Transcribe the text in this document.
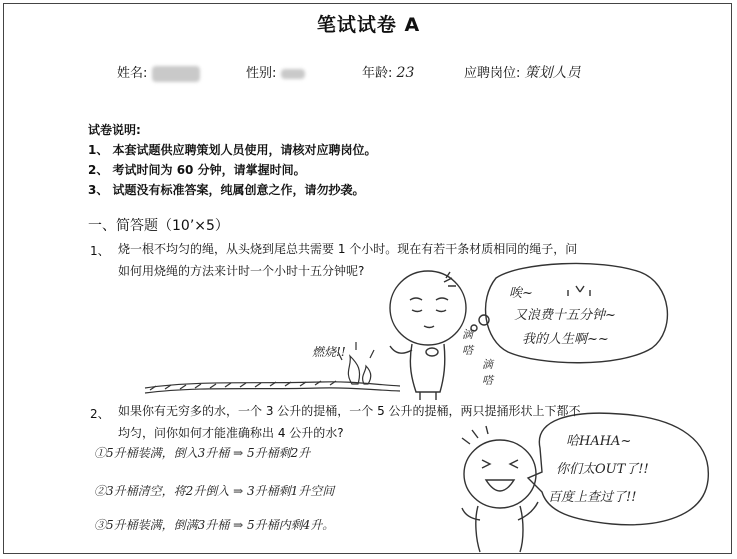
笔试试卷 A
姓名:	性别:	年龄: 23	应聘岗位: 策划人员
试卷说明:
1、 本套试题供应聘策划人员使用，请核对应聘岗位。
2、 考试时间为 60 分钟，请掌握时间。
3、 试题没有标准答案，纯属创意之作，请勿抄袭。
一、简答题（10’×5）
1、 烧一根不均匀的绳，从头烧到尾总共需要 1 个小时。现在有若干条材质相同的绳子，问
如何用烧绳的方法来计时一个小时十五分钟呢?
2、 如果你有无穷多的水，一个 3 公升的提桶，一个 5 公升的提桶，两只提捅形状上下都不
均匀，问你如何才能准确称出 4 公升的水?
①5升桶装满，倒入3升桶 ⇒ 5升桶剩2升
②3升桶清空，将2升倒入 ⇒ 3升桶剩1升空间
③5升桶装满，倒满3升桶 ⇒ 5升桶内剩4升。
燃烧!!
唉~
又浪费十五分钟~
我的人生啊~~
滴
嗒
滴
嗒
哈HAHA~
你们太OUT了!!
百度上查过了!!
